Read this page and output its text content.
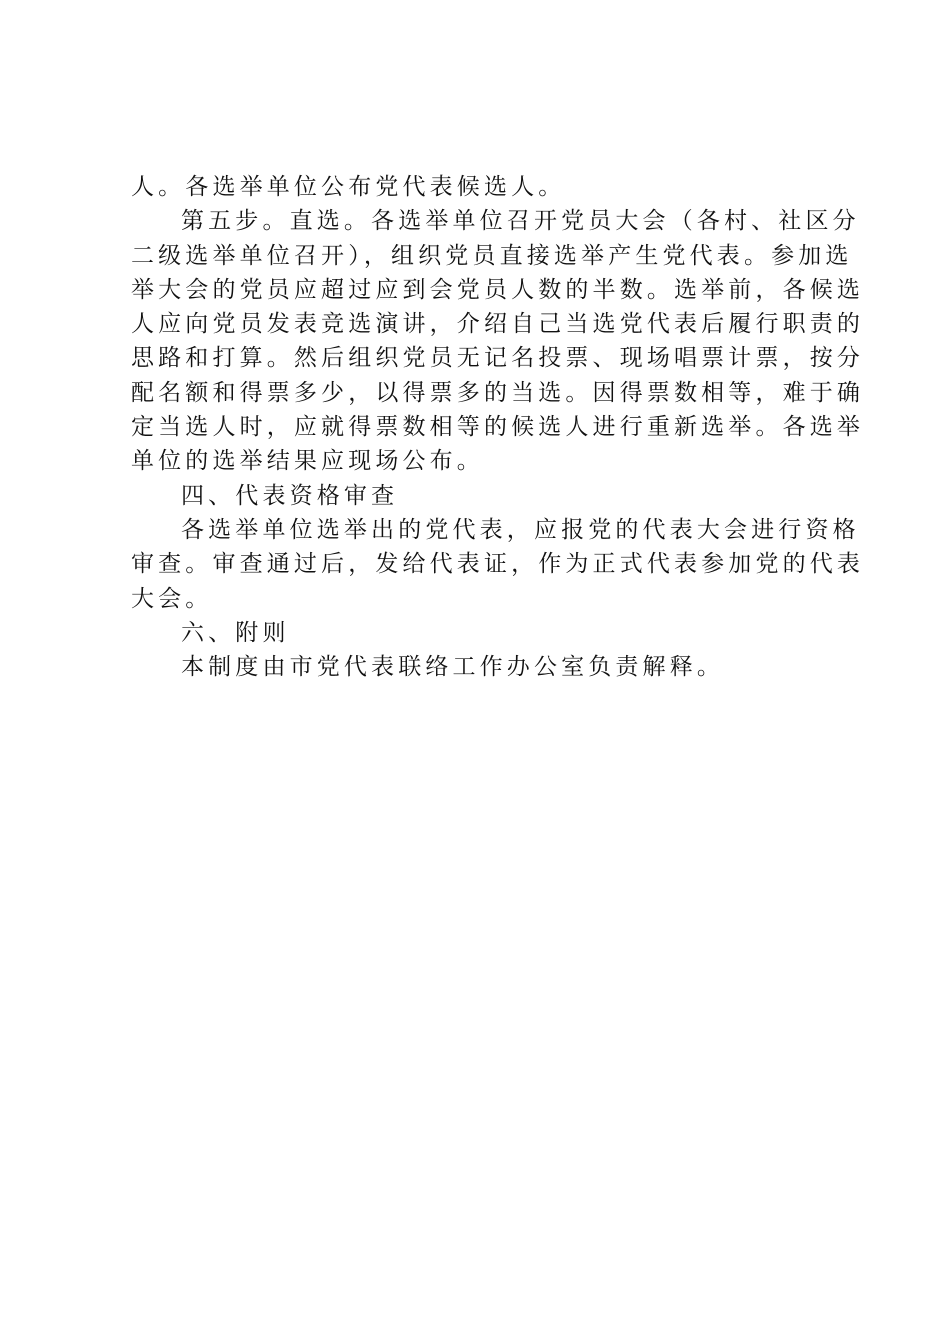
人。各选举单位公布党代表候选人。

第五步。直选。各选举单位召开党员大会（各村、社区分
二级选举单位召开），组织党员直接选举产生党代表。参加选
举大会的党员应超过应到会党员人数的半数。选举前，各候选
人应向党员发表竞选演讲，介绍自己当选党代表后履行职责的
思路和打算。然后组织党员无记名投票、现场唱票计票，按分
配名额和得票多少，以得票多的当选。因得票数相等，难于确
定当选人时，应就得票数相等的候选人进行重新选举。各选举
单位的选举结果应现场公布。

四、代表资格审查

各选举单位选举出的党代表，应报党的代表大会进行资格
审查。审查通过后，发给代表证，作为正式代表参加党的代表
大会。

六、附则

本制度由市党代表联络工作办公室负责解释。
